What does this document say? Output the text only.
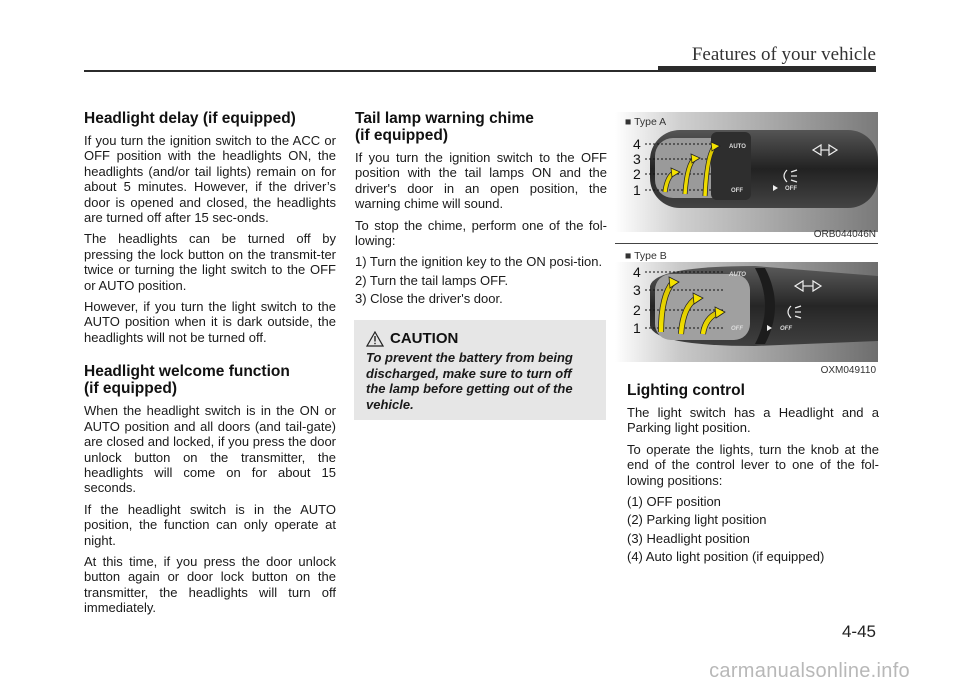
Features of your vehicle
Headlight delay (if equipped)

If you turn the ignition switch to the ACC or OFF position with the headlights ON, the headlights (and/or tail lights) remain on for about 5 minutes. However, if the driver’s door is opened and closed, the headlights are turned off after 15 sec-onds.

The headlights can be turned off by pressing the lock button on the transmit-ter twice or turning the light switch to the OFF or AUTO position.

However, if you turn the light switch to the AUTO position when it is dark outside, the headlights will not be turned off.

Headlight welcome function
(if equipped)

When the headlight switch is in the ON or AUTO position and all doors (and tail-gate) are closed and locked, if you press the door unlock button on the transmitter, the headlights will come on for about 15 seconds.

If the headlight switch is in the AUTO position, the function can only operate at night.

At this time, if you press the door unlock button again or door lock button on the transmitter, the headlights will turn off immediately.

Tail lamp warning chime
(if equipped)

If you turn the ignition switch to the OFF position with the tail lamps ON and the driver's door in an open position, the warning chime will sound.

To stop the chime, perform one of the fol-lowing:

1) Turn the ignition key to the ON posi-tion.

2) Turn the tail lamps OFF.

3) Close the driver's door.

CAUTION
To prevent the battery from being discharged, make sure to turn off the lamp before getting out of the vehicle.
AUTO
OFF	OFF
■ Type A
4
3
2
1
ORB044046N
AUTO
OFF	OFF
■ Type B
4
3
2
1
OXM049110
Lighting control

The light switch has a Headlight and a Parking light position.

To operate the lights, turn the knob at the end of the control lever to one of the fol-lowing positions:

(1) OFF position

(2) Parking light position

(3) Headlight position

(4) Auto light position (if equipped)

4-45
carmanualsonline.info
